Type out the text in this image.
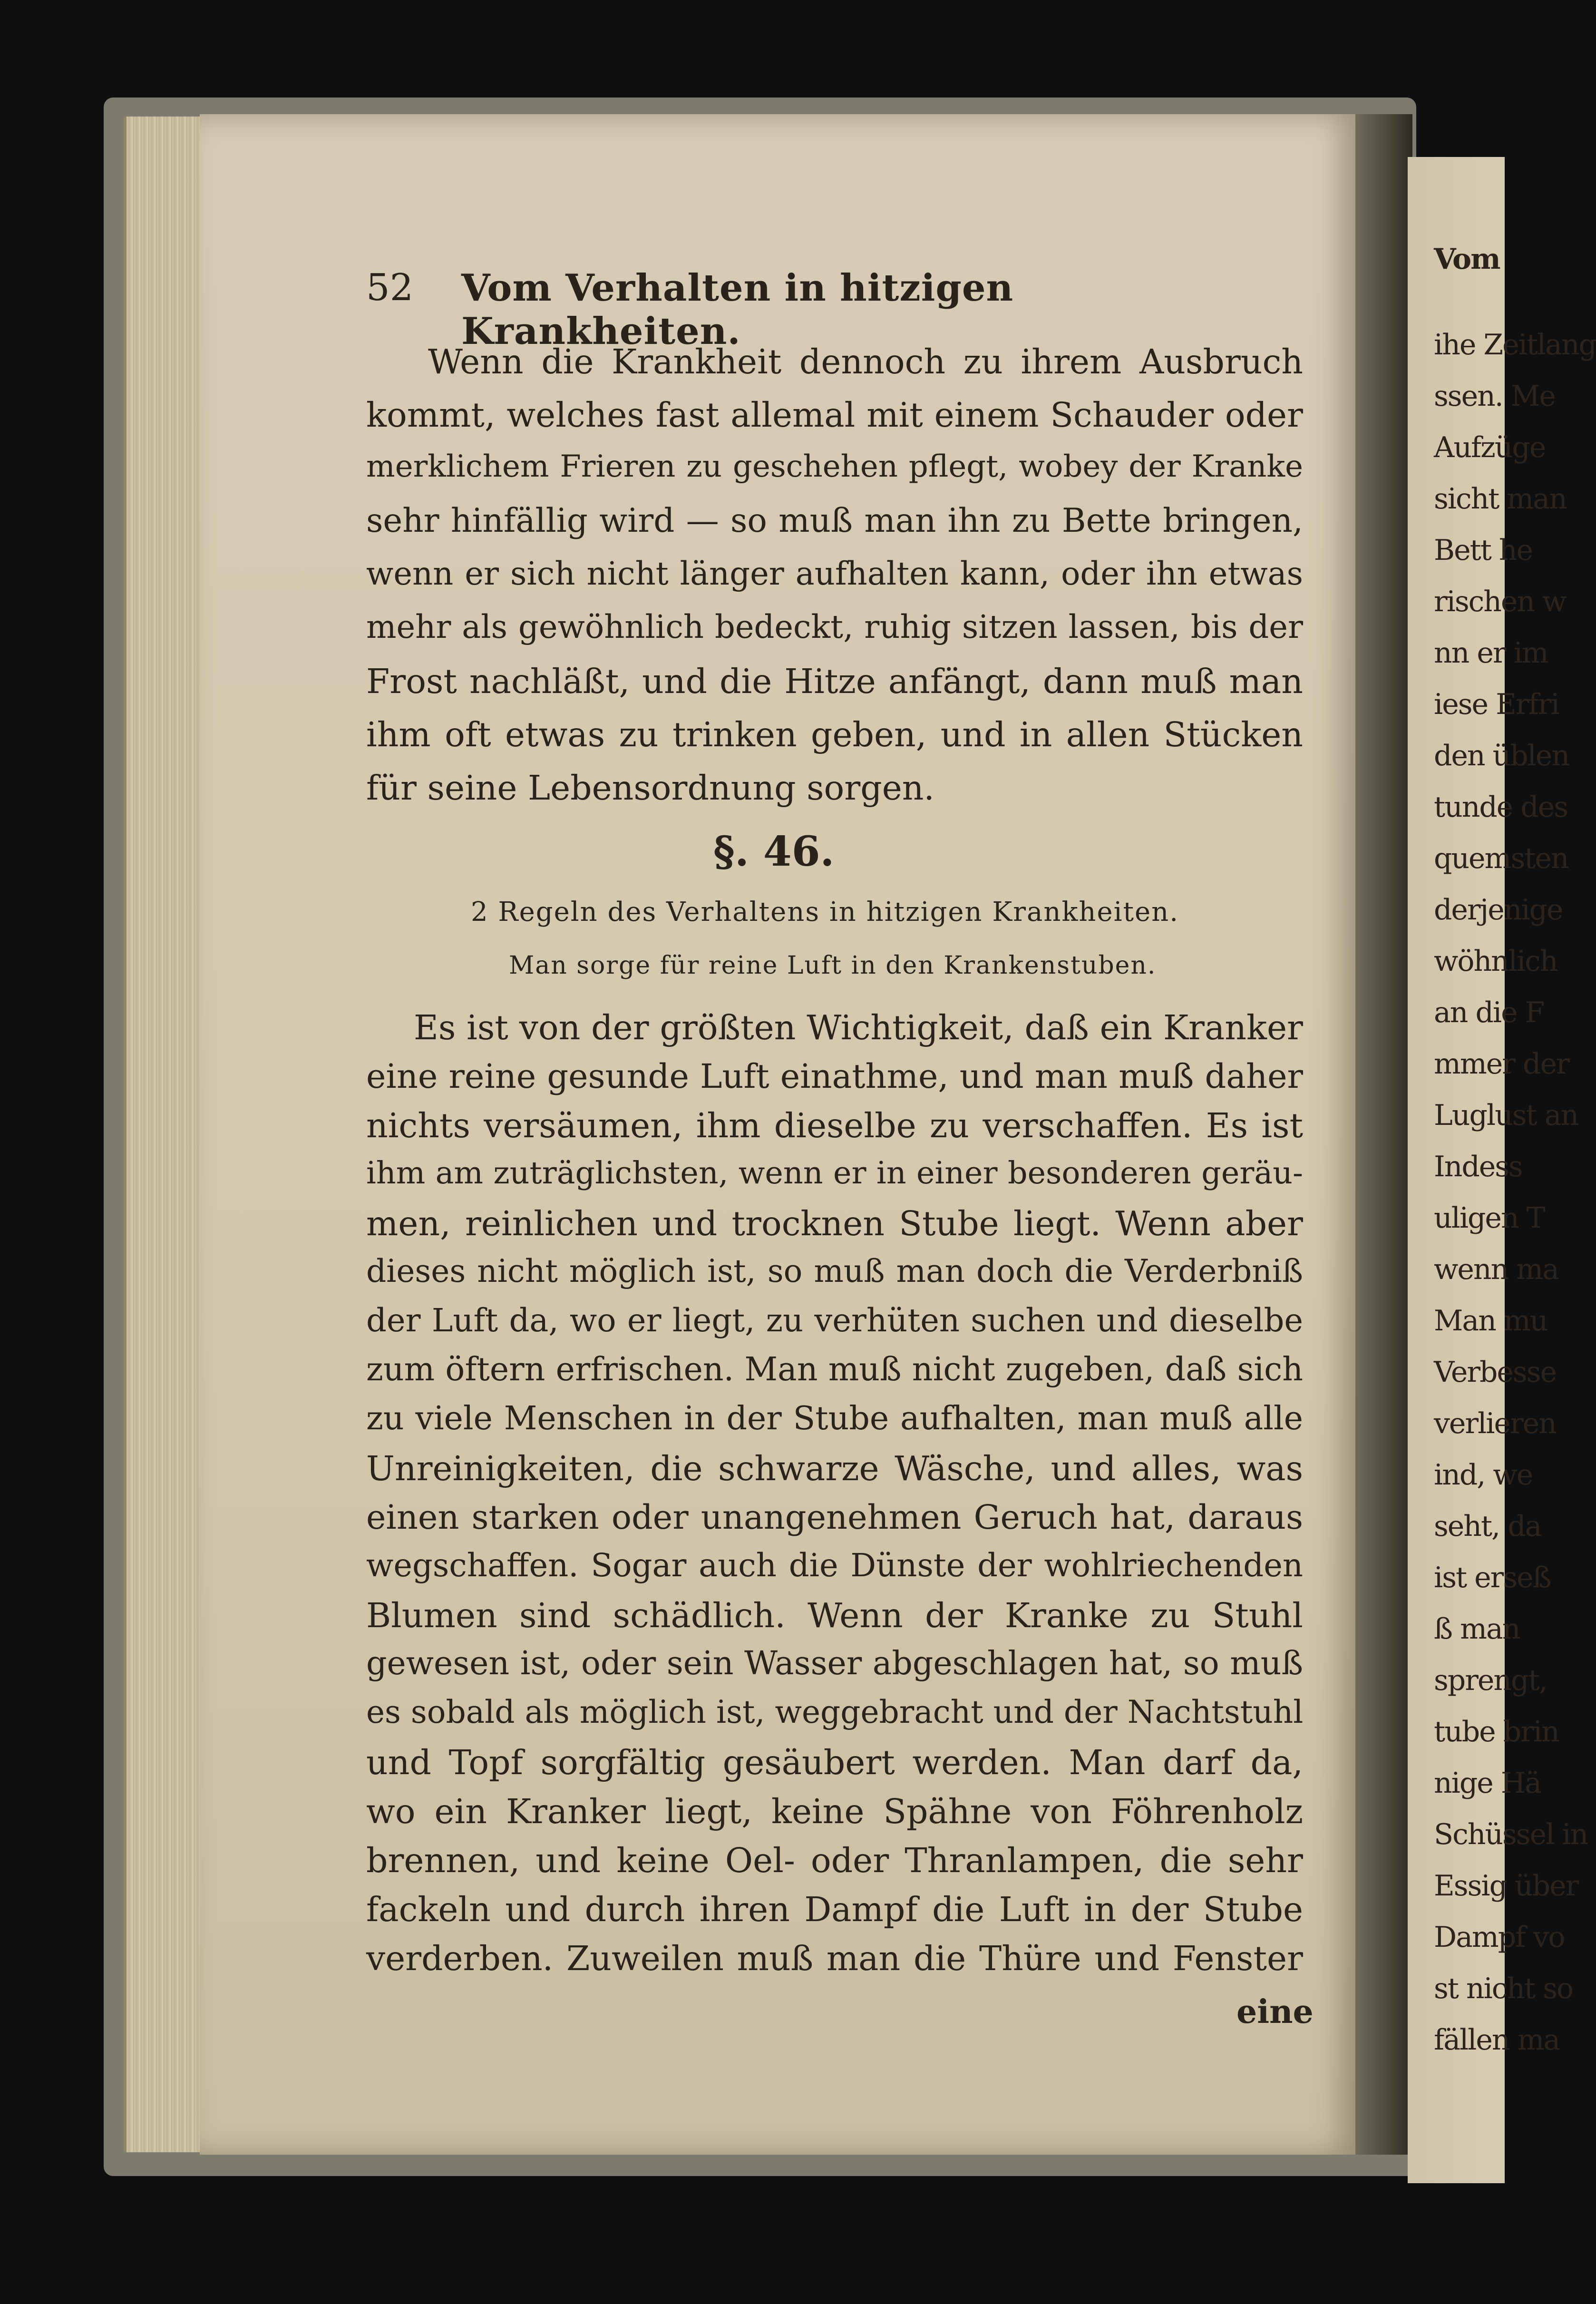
Vom
ihe Zeitlang
ssen. Me
Aufzüge
sicht man
Bett he
rischen w
nn er im
iese Erfri
den üblen
tunde des
quemsten
derjenige
wöhnlich
an die F
mmer der
Luglust an
Indess
uligen T
wenn ma
Man mu
Verbesse
verlieren
ind, we
seht, da
ist erseß
ß man
sprengt,
tube brin
nige Hä
Schüssel in
Essig über
Dampf vo
st nicht so
fällen ma
52 Vom Verhalten in hitzigen Krankheiten.
Wenn die Krankheit dennoch zu ihrem Ausbruch
kommt, welches fast allemal mit einem Schauder oder
merklichem Frieren zu geschehen pflegt, wobey der Kranke
sehr hinfällig wird — so muß man ihn zu Bette bringen,
wenn er sich nicht länger aufhalten kann, oder ihn etwas
mehr als gewöhnlich bedeckt, ruhig sitzen lassen, bis der
Frost nachläßt, und die Hitze anfängt, dann muß man
ihm oft etwas zu trinken geben, und in allen Stücken
für seine Lebensordnung sorgen.
§. 46.
2 Regeln des Verhaltens in hitzigen Krankheiten.
Man sorge für reine Luft in den Krankenstuben.
Es ist von der größten Wichtigkeit, daß ein Kranker
eine reine gesunde Luft einathme, und man muß daher
nichts versäumen, ihm dieselbe zu verschaffen. Es ist
ihm am zuträglichsten, wenn er in einer besonderen geräu-
men, reinlichen und trocknen Stube liegt. Wenn aber
dieses nicht möglich ist, so muß man doch die Verderbniß
der Luft da, wo er liegt, zu verhüten suchen und dieselbe
zum öftern erfrischen. Man muß nicht zugeben, daß sich
zu viele Menschen in der Stube aufhalten, man muß alle
Unreinigkeiten, die schwarze Wäsche, und alles, was
einen starken oder unangenehmen Geruch hat, daraus
wegschaffen. Sogar auch die Dünste der wohlriechenden
Blumen sind schädlich. Wenn der Kranke zu Stuhl
gewesen ist, oder sein Wasser abgeschlagen hat, so muß
es sobald als möglich ist, weggebracht und der Nachtstuhl
und Topf sorgfältig gesäubert werden. Man darf da,
wo ein Kranker liegt, keine Spähne von Föhrenholz
brennen, und keine Oel- oder Thranlampen, die sehr
fackeln und durch ihren Dampf die Luft in der Stube
verderben. Zuweilen muß man die Thüre und Fenster
eine
